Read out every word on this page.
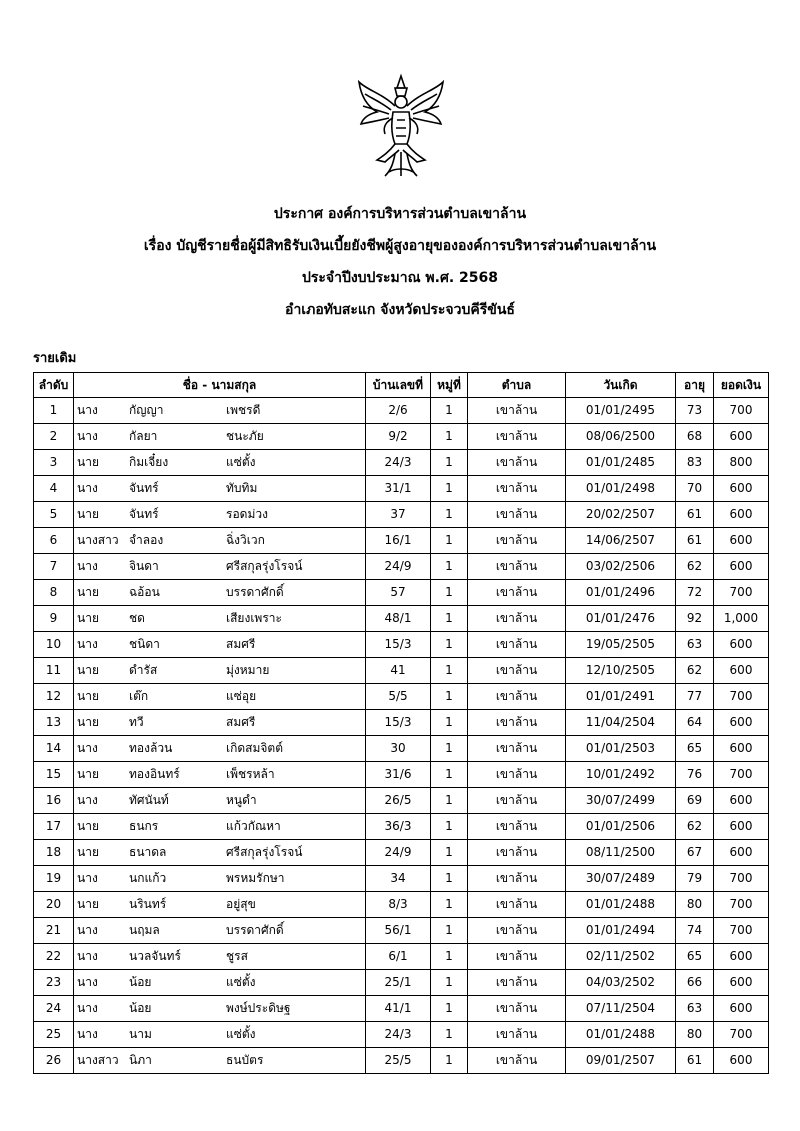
ประกาศ องค์การบริหารส่วนตำบลเขาล้าน
เรื่อง บัญชีรายชื่อผู้มีสิทธิรับเงินเบี้ยยังชีพผู้สูงอายุขององค์การบริหารส่วนตำบลเขาล้าน
ประจำปีงบประมาณ พ.ศ. 2568
อำเภอทับสะแก จังหวัดประจวบคีรีขันธ์
รายเดิม
ลำดับ	ชื่อ - นามสกุล	บ้านเลขที่	หมู่ที่	ตำบล	วันเกิด	อายุ	ยอดเงิน
1	นาง กัญญา เพชรดี	2/6	1	เขาล้าน	01/01/2495	73	700
2	นาง กัลยา ชนะภัย	9/2	1	เขาล้าน	08/06/2500	68	600
3	นาย กิมเจี๋ยง แซ่ตั้ง	24/3	1	เขาล้าน	01/01/2485	83	800
4	นาง จันทร์ ทับทิม	31/1	1	เขาล้าน	01/01/2498	70	600
5	นาย จันทร์ รอดม่วง	37	1	เขาล้าน	20/02/2507	61	600
6	นางสาว จำลอง ฉิ่งวิเวก	16/1	1	เขาล้าน	14/06/2507	61	600
7	นาง จินดา ศรีสกุลรุ่งโรจน์	24/9	1	เขาล้าน	03/02/2506	62	600
8	นาย ฉอ้อน บรรดาศักดิ์	57	1	เขาล้าน	01/01/2496	72	700
9	นาย ชด เสียงเพราะ	48/1	1	เขาล้าน	01/01/2476	92	1,000
10	นาง ชนิดา สมศรี	15/3	1	เขาล้าน	19/05/2505	63	600
11	นาย ดำรัส มุ่งหมาย	41	1	เขาล้าน	12/10/2505	62	600
12	นาย เต๊ก แซ่อุย	5/5	1	เขาล้าน	01/01/2491	77	700
13	นาย ทวี สมศรี	15/3	1	เขาล้าน	11/04/2504	64	600
14	นาง ทองล้วน เกิดสมจิตต์	30	1	เขาล้าน	01/01/2503	65	600
15	นาย ทองอินทร์ เพ็ชรหล้า	31/6	1	เขาล้าน	10/01/2492	76	700
16	นาง ทัศนันท์ หนูดำ	26/5	1	เขาล้าน	30/07/2499	69	600
17	นาย ธนกร แก้วกัณหา	36/3	1	เขาล้าน	01/01/2506	62	600
18	นาย ธนาดล ศรีสกุลรุ่งโรจน์	24/9	1	เขาล้าน	08/11/2500	67	600
19	นาง นกแก้ว พรหมรักษา	34	1	เขาล้าน	30/07/2489	79	700
20	นาย นรินทร์ อยู่สุข	8/3	1	เขาล้าน	01/01/2488	80	700
21	นาง นฤมล บรรดาศักดิ์	56/1	1	เขาล้าน	01/01/2494	74	700
22	นาง นวลจันทร์ ชูรส	6/1	1	เขาล้าน	02/11/2502	65	600
23	นาง น้อย แซ่ตั้ง	25/1	1	เขาล้าน	04/03/2502	66	600
24	นาง น้อย พงษ์ประดิษฐ	41/1	1	เขาล้าน	07/11/2504	63	600
25	นาง นาม แซ่ตั้ง	24/3	1	เขาล้าน	01/01/2488	80	700
26	นางสาว นิภา ธนบัตร	25/5	1	เขาล้าน	09/01/2507	61	600
